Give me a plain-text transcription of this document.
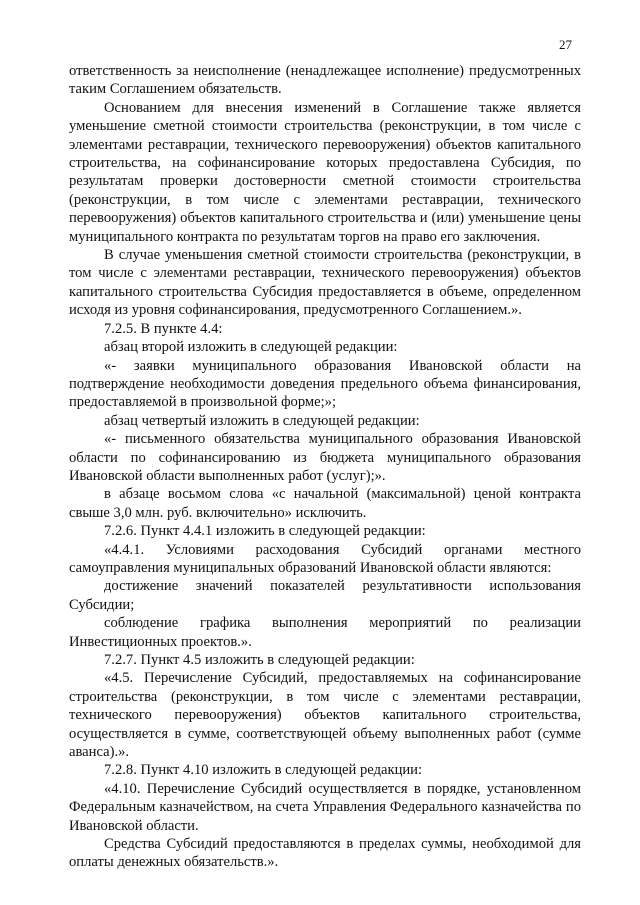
27

ответственность за неисполнение (ненадлежащее исполнение) предусмотренных таким Соглашением обязательств.

Основанием для внесения изменений в Соглашение также является уменьшение сметной стоимости строительства (реконструкции, в том числе с элементами реставрации, технического перевооружения) объектов капитального строительства, на софинансирование которых предоставлена Субсидия, по результатам проверки достоверности сметной стоимости строительства (реконструкции, в том числе с элементами реставрации, технического перевооружения) объектов капитального строительства и (или) уменьшение цены муниципального контракта по результатам торгов на право его заключения.

В случае уменьшения сметной стоимости строительства (реконструкции, в том числе с элементами реставрации, технического перевооружения) объектов капитального строительства Субсидия предоставляется в объеме, определенном исходя из уровня софинансирования, предусмотренного Соглашением.».

7.2.5. В пункте 4.4:

абзац второй изложить в следующей редакции:

«- заявки муниципального образования Ивановской области на подтверждение необходимости доведения предельного объема финансирования, предоставляемой в произвольной форме;»;

абзац четвертый изложить в следующей редакции:

«- письменного обязательства муниципального образования Ивановской области по софинансированию из бюджета муниципального образования Ивановской области выполненных работ (услуг);».

в абзаце восьмом слова «с начальной (максимальной) ценой контракта свыше 3,0 млн. руб. включительно» исключить.

7.2.6. Пункт 4.4.1 изложить в следующей редакции:

«4.4.1. Условиями расходования Субсидий органами местного самоуправления муниципальных образований Ивановской области являются:

достижение значений показателей результативности использования Субсидии;

соблюдение графика выполнения мероприятий по реализации Инвестиционных проектов.».

7.2.7. Пункт 4.5 изложить в следующей редакции:

«4.5. Перечисление Субсидий, предоставляемых на софинансирование строительства (реконструкции, в том числе с элементами реставрации, технического перевооружения) объектов капитального строительства, осуществляется в сумме, соответствующей объему выполненных работ (сумме аванса).».

7.2.8. Пункт 4.10 изложить в следующей редакции:

«4.10. Перечисление Субсидий осуществляется в порядке, установленном Федеральным казначейством, на счета Управления Федерального казначейства по Ивановской области.

Средства Субсидий предоставляются в пределах суммы, необходимой для оплаты денежных обязательств.».
